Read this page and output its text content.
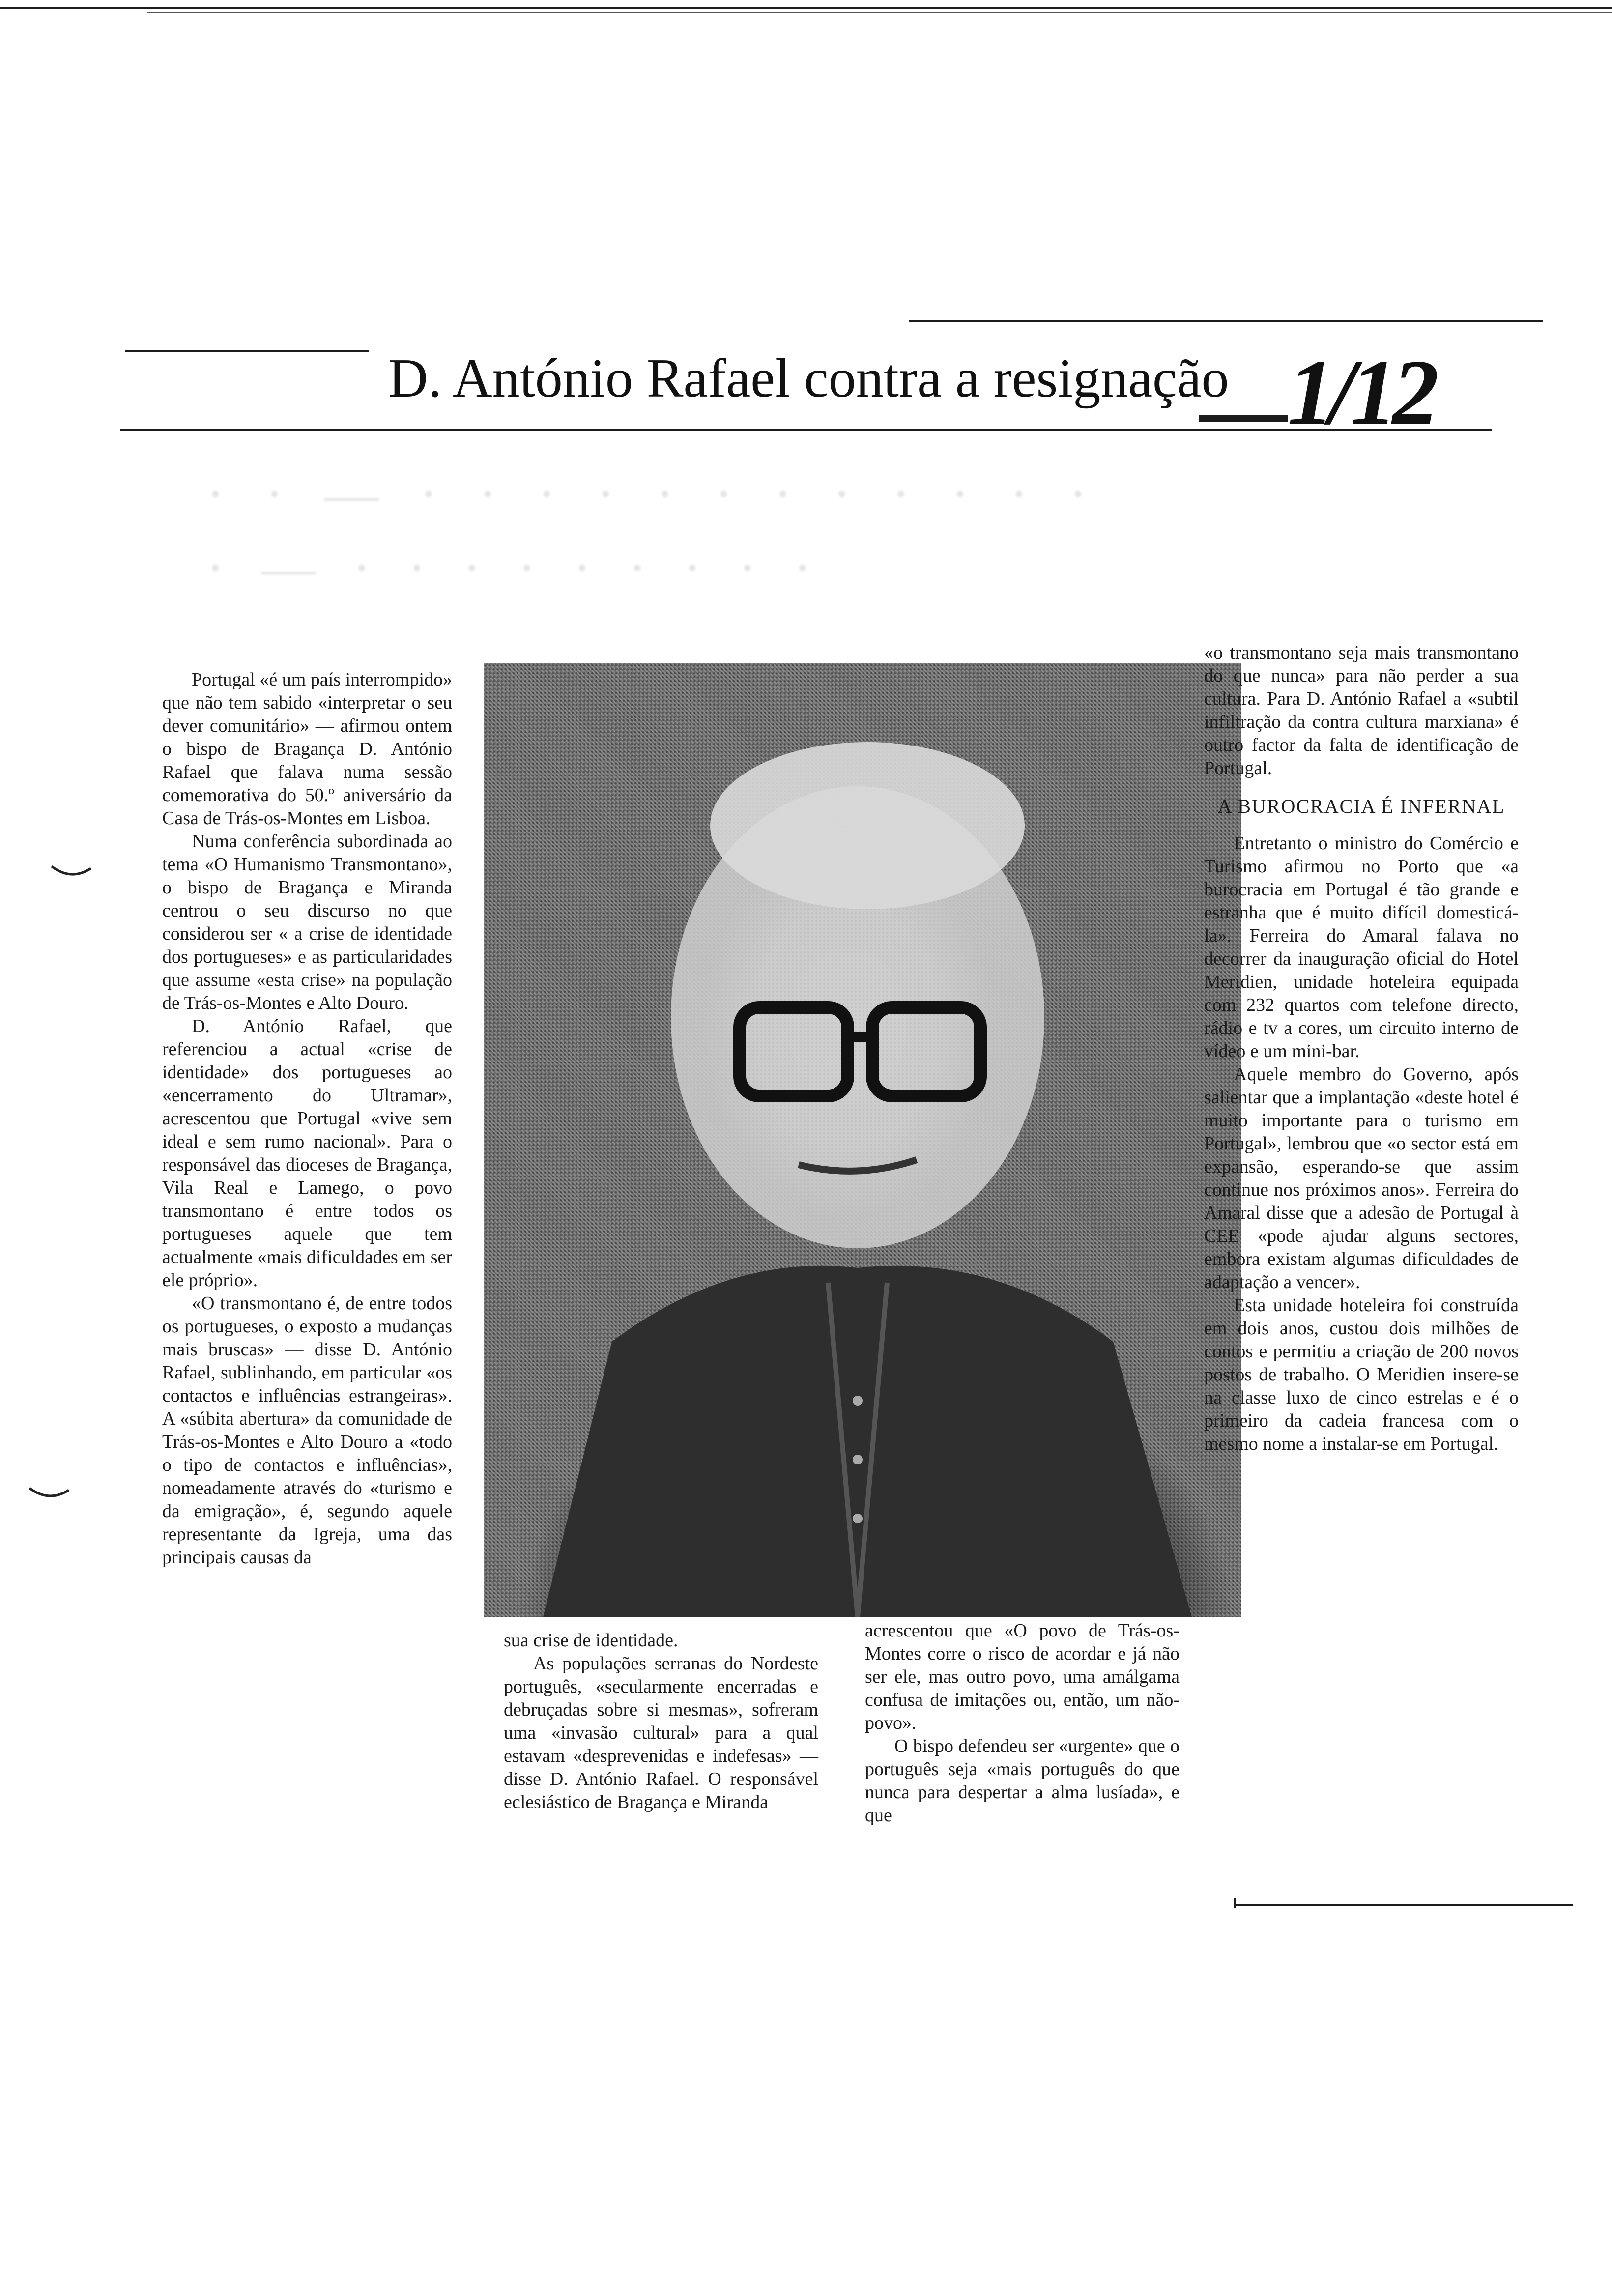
D. António Rafael contra a resignação 1/12
· · — · · · · · · · · · · · ·
· — · · · · · · · · ·

Portugal «é um país interrompido» que não tem sabido «interpretar o seu dever comunitário» — afirmou ontem o bispo de Bragança D. António Rafael que falava numa sessão comemorativa do 50.º aniversário da Casa de Trás-os-Montes em Lisboa.

Numa conferência subordinada ao tema «O Humanismo Transmontano», o bispo de Bragança e Miranda centrou o seu discurso no que considerou ser « a crise de identidade dos portugueses» e as particularidades que assume «esta crise» na população de Trás-os-Montes e Alto Douro.

D. António Rafael, que referenciou a actual «crise de identidade» dos portugueses ao «encerramento do Ultramar», acrescentou que Portugal «vive sem ideal e sem rumo nacional». Para o responsável das dioceses de Bragança, Vila Real e Lamego, o povo transmontano é entre todos os portugueses aquele que tem actualmente «mais dificuldades em ser ele próprio».

«O transmontano é, de entre todos os portugueses, o exposto a mudanças mais bruscas» — disse D. António Rafael, sublinhando, em particular «os contactos e influências estrangeiras». A «súbita abertura» da comunidade de Trás-os-Montes e Alto Douro a «todo o tipo de contactos e influências», nomeadamente através do «turismo e da emigração», é, segundo aquele representante da Igreja, uma das principais causas da

sua crise de identidade.

As populações serranas do Nordeste português, «secularmente encerradas e debruçadas sobre si mesmas», sofreram uma «invasão cultural» para a qual estavam «desprevenidas e indefesas» — disse D. António Rafael. O responsável eclesiástico de Bragança e Miranda

acrescentou que «O povo de Trás-os-Montes corre o risco de acordar e já não ser ele, mas outro povo, uma amálgama confusa de imitações ou, então, um não-povo».

O bispo defendeu ser «urgente» que o português seja «mais português do que nunca para despertar a alma lusíada», e que

«o transmontano seja mais transmontano do que nunca» para não perder a sua cultura. Para D. António Rafael a «subtil infiltração da contra cultura marxiana» é outro factor da falta de identificação de Portugal.

A BUROCRACIA É INFERNAL

Entretanto o ministro do Comércio e Turismo afirmou no Porto que «a burocracia em Portugal é tão grande e estranha que é muito difícil domesticá-la». Ferreira do Amaral falava no decorrer da inauguração oficial do Hotel Meridien, unidade hoteleira equipada com 232 quartos com telefone directo, rádio e tv a cores, um circuito interno de vídeo e um mini-bar.

Aquele membro do Governo, após salientar que a implantação «deste hotel é muito importante para o turismo em Portugal», lembrou que «o sector está em expansão, esperando-se que assim continue nos próximos anos». Ferreira do Amaral disse que a adesão de Portugal à CEE «pode ajudar alguns sectores, embora existam algumas dificuldades de adaptação a vencer».

Esta unidade hoteleira foi construída em dois anos, custou dois milhões de contos e permitiu a criação de 200 novos postos de trabalho. O Meridien insere-se na classe luxo de cinco estrelas e é o primeiro da cadeia francesa com o mesmo nome a instalar-se em Portugal.
